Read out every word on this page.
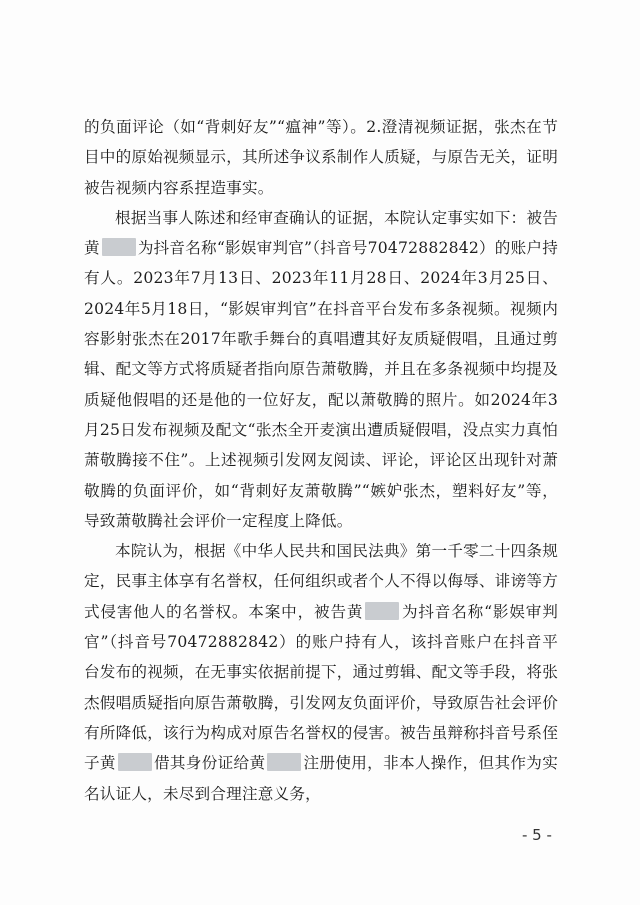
的负面评论（如“背刺好友”“瘟神”等）。2.澄清视频证据，张杰在节目中的原始视频显示，其所述争议系制作人质疑，与原告无关，证明被告视频内容系捏造事实。

根据当事人陈述和经审查确认的证据，本院认定事实如下：被告黄 为抖音名称“影娱审判官”（抖音号70472882842）的账户持有人。2023年7月13日、2023年11月28日、2024年3月25日、2024年5月18日，“影娱审判官”在抖音平台发布多条视频。视频内容影射张杰在2017年歌手舞台的真唱遭其好友质疑假唱，且通过剪辑、配文等方式将质疑者指向原告萧敬腾，并且在多条视频中均提及质疑他假唱的还是他的一位好友，配以萧敬腾的照片。如2024年3月25日发布视频及配文“张杰全开麦演出遭质疑假唱，没点实力真怕萧敬腾接不住”。上述视频引发网友阅读、评论，评论区出现针对萧敬腾的负面评价，如“背刺好友萧敬腾”“嫉妒张杰，塑料好友”等，导致萧敬腾社会评价一定程度上降低。

本院认为，根据《中华人民共和国民法典》第一千零二十四条规定，民事主体享有名誉权，任何组织或者个人不得以侮辱、诽谤等方式侵害他人的名誉权。本案中，被告黄 为抖音名称“影娱审判官”（抖音号70472882842）的账户持有人，该抖音账户在抖音平台发布的视频，在无事实依据前提下，通过剪辑、配文等手段，将张杰假唱质疑指向原告萧敬腾，引发网友负面评价，导致原告社会评价有所降低，该行为构成对原告名誉权的侵害。被告虽辩称抖音号系侄子黄 借其身份证给黄 注册使用，非本人操作，但其作为实名认证人，未尽到合理注意义务，

- 5 -
